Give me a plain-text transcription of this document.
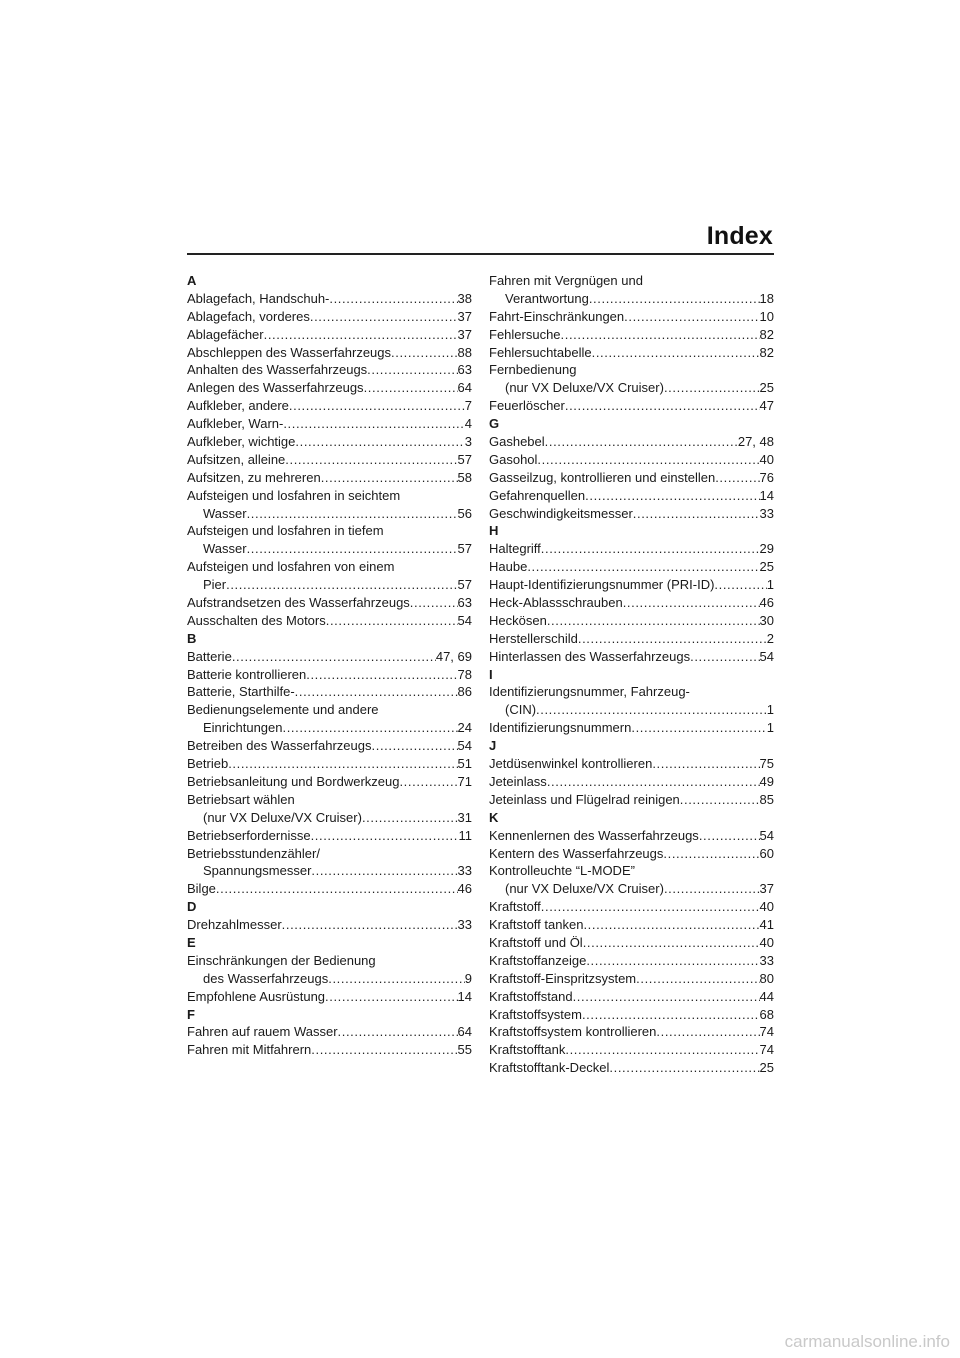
Index
A
Ablagefach, Handschuh- .....	38
Ablagefach, vorderes .....	37
Ablagefächer .....	37
Abschleppen des Wasserfahrzeugs .....	88
Anhalten des Wasserfahrzeugs .....	63
Anlegen des Wasserfahrzeugs .....	64
Aufkleber, andere .....	7
Aufkleber, Warn- .....	4
Aufkleber, wichtige .....	3
Aufsitzen, alleine .....	57
Aufsitzen, zu mehreren .....	58
Aufsteigen und losfahren in seichtem
Wasser .....	56
Aufsteigen und losfahren in tiefem
Wasser .....	57
Aufsteigen und losfahren von einem
Pier .....	57
Aufstrandsetzen des Wasserfahrzeugs .....	63
Ausschalten des Motors .....	54
B
Batterie .....	47, 69
Batterie kontrollieren .....	78
Batterie, Starthilfe- .....	86
Bedienungselemente und andere
Einrichtungen .....	24
Betreiben des Wasserfahrzeugs .....	54
Betrieb .....	51
Betriebsanleitung und Bordwerkzeug .....	71
Betriebsart wählen
(nur VX Deluxe/VX Cruiser) .....	31
Betriebserfordernisse .....	11
Betriebsstundenzähler/
Spannungsmesser .....	33
Bilge .....	46
D
Drehzahlmesser .....	33
E
Einschränkungen der Bedienung
des Wasserfahrzeugs .....	9
Empfohlene Ausrüstung .....	14
F
Fahren auf rauem Wasser .....	64
Fahren mit Mitfahrern .....	55
Fahren mit Vergnügen und
Verantwortung .....	18
Fahrt-Einschränkungen .....	10
Fehlersuche .....	82
Fehlersuchtabelle .....	82
Fernbedienung
(nur VX Deluxe/VX Cruiser) .....	25
Feuerlöscher .....	47
G
Gashebel .....	27, 48
Gasohol .....	40
Gasseilzug, kontrollieren und einstellen .....	76
Gefahrenquellen .....	14
Geschwindigkeitsmesser .....	33
H
Haltegriff .....	29
Haube .....	25
Haupt-Identifizierungsnummer (PRI-ID) .....	1
Heck-Ablassschrauben .....	46
Heckösen .....	30
Herstellerschild .....	2
Hinterlassen des Wasserfahrzeugs .....	54
I
Identifizierungsnummer, Fahrzeug-
(CIN) .....	1
Identifizierungsnummern .....	1
J
Jetdüsenwinkel kontrollieren .....	75
Jeteinlass .....	49
Jeteinlass und Flügelrad reinigen .....	85
K
Kennenlernen des Wasserfahrzeugs .....	54
Kentern des Wasserfahrzeugs .....	60
Kontrolleuchte “L-MODE”
(nur VX Deluxe/VX Cruiser) .....	37
Kraftstoff .....	40
Kraftstoff tanken .....	41
Kraftstoff und Öl .....	40
Kraftstoffanzeige .....	33
Kraftstoff-Einspritzsystem .....	80
Kraftstoffstand .....	44
Kraftstoffsystem .....	68
Kraftstoffsystem kontrollieren .....	74
Kraftstofftank .....	74
Kraftstofftank-Deckel .....	25
carmanualsonline.info
